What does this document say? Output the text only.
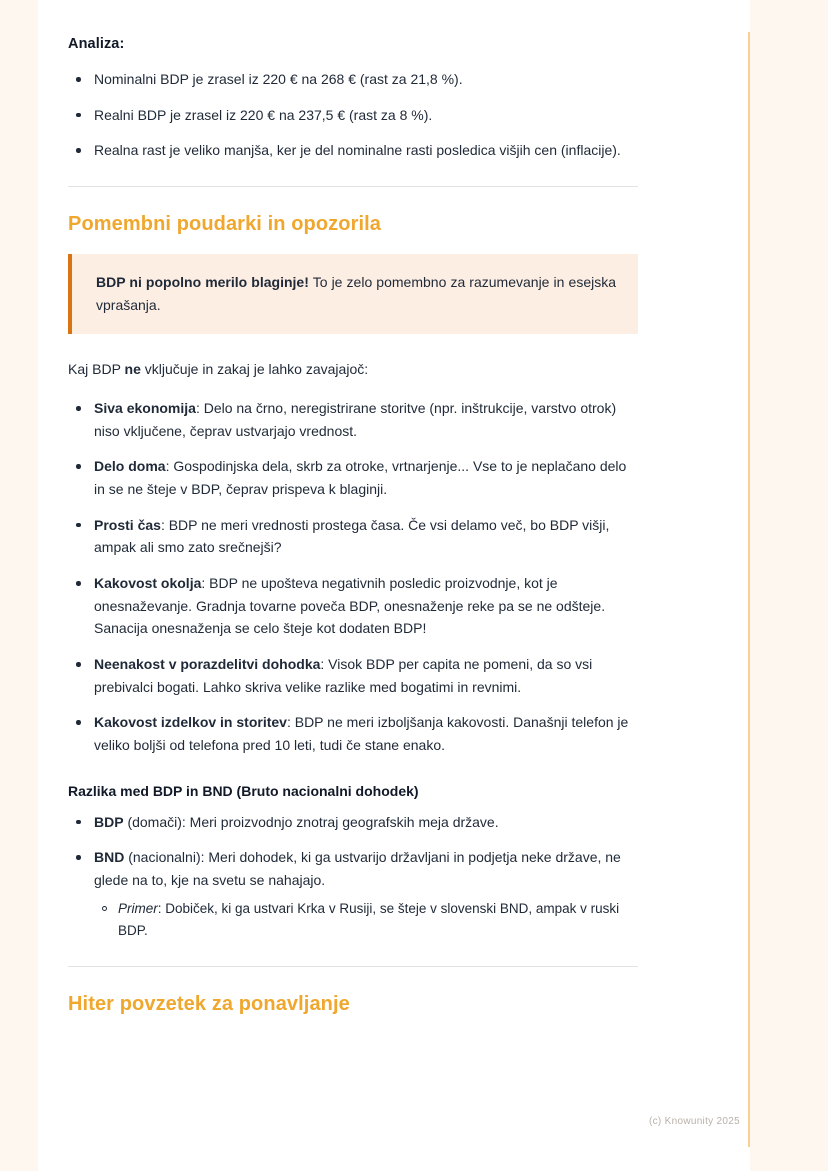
Analiza:
Nominalni BDP je zrasel iz 220 € na 268 € (rast za 21,8 %).
Realni BDP je zrasel iz 220 € na 237,5 € (rast za 8 %).
Realna rast je veliko manjša, ker je del nominalne rasti posledica višjih cen (inflacije).
Pomembni poudarki in opozorila
BDP ni popolno merilo blaginje! To je zelo pomembno za razumevanje in esejska vprašanja.

Kaj BDP ne vključuje in zakaj je lahko zavajajoč:

Siva ekonomija: Delo na črno, neregistrirane storitve (npr. inštrukcije, varstvo otrok) niso vključene, čeprav ustvarjajo vrednost.
Delo doma: Gospodinjska dela, skrb za otroke, vrtnarjenje... Vse to je neplačano delo in se ne šteje v BDP, čeprav prispeva k blaginji.
Prosti čas: BDP ne meri vrednosti prostega časa. Če vsi delamo več, bo BDP višji, ampak ali smo zato srečnejši?
Kakovost okolja: BDP ne upošteva negativnih posledic proizvodnje, kot je onesnaževanje. Gradnja tovarne poveča BDP, onesnaženje reke pa se ne odšteje. Sanacija onesnaženja se celo šteje kot dodaten BDP!
Neenakost v porazdelitvi dohodka: Visok BDP per capita ne pomeni, da so vsi prebivalci bogati. Lahko skriva velike razlike med bogatimi in revnimi.
Kakovost izdelkov in storitev: BDP ne meri izboljšanja kakovosti. Današnji telefon je veliko boljši od telefona pred 10 leti, tudi če stane enako.
Razlika med BDP in BND (Bruto nacionalni dohodek)
BDP (domači): Meri proizvodnjo znotraj geografskih meja države.
BND (nacionalni): Meri dohodek, ki ga ustvarijo državljani in podjetja neke države, ne glede na to, kje na svetu se nahajajo.
Primer: Dobiček, ki ga ustvari Krka v Rusiji, se šteje v slovenski BND, ampak v ruski BDP.
Hiter povzetek za ponavljanje
(c) Knowunity 2025
